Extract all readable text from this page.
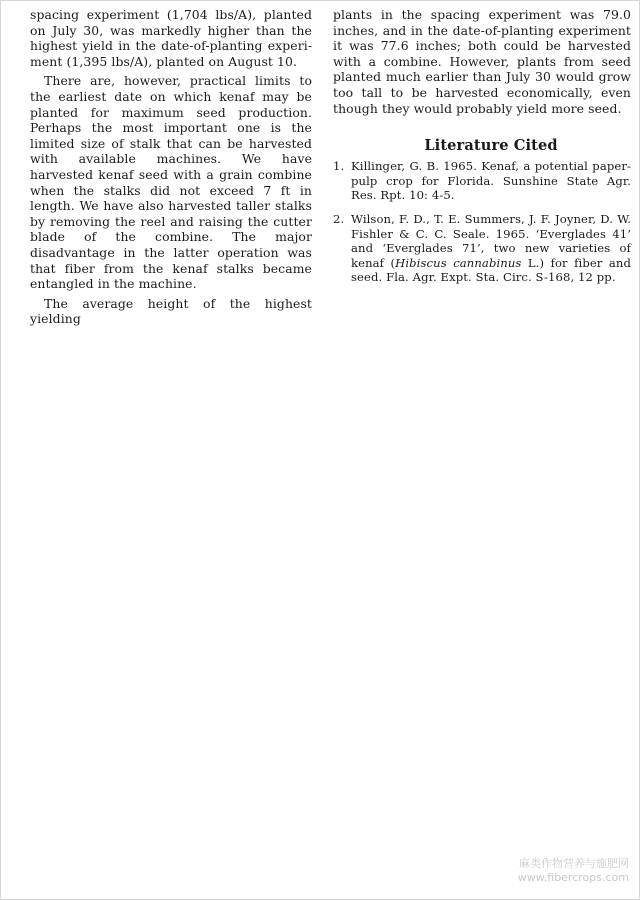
spacing experiment (1,704 lbs/A), planted on July 30, was markedly higher than the highest yield in the date-of-planting experiment (1,395 lbs/A), planted on August 10.

There are, however, practical limits to the earliest date on which kenaf may be planted for maximum seed production. Perhaps the most important one is the limited size of stalk that can be harvested with available machines. We have harvested kenaf seed with a grain combine when the stalks did not exceed 7 ft in length. We have also harvested taller stalks by removing the reel and raising the cutter blade of the combine. The major disadvantage in the latter operation was that fiber from the kenaf stalks became entangled in the machine.

The average height of the highest yielding

plants in the spacing experiment was 79.0 inches, and in the date-of-planting experiment it was 77.6 inches; both could be harvested with a combine. However, plants from seed planted much earlier than July 30 would grow too tall to be harvested economically, even though they would probably yield more seed.

Literature Cited
1. Killinger, G. B. 1965. Kenaf, a potential paper-pulp crop for Florida. Sunshine State Agr. Res. Rpt. 10: 4-5.
2. Wilson, F. D., T. E. Summers, J. F. Joyner, D. W. Fishler & C. C. Seale. 1965. ‘Everglades 41’ and ‘Everglades 71’, two new varieties of kenaf (Hibiscus cannabinus L.) for fiber and seed. Fla. Agr. Expt. Sta. Circ. S-168, 12 pp.
麻类作物营养与施肥网
www.fibercrops.com
